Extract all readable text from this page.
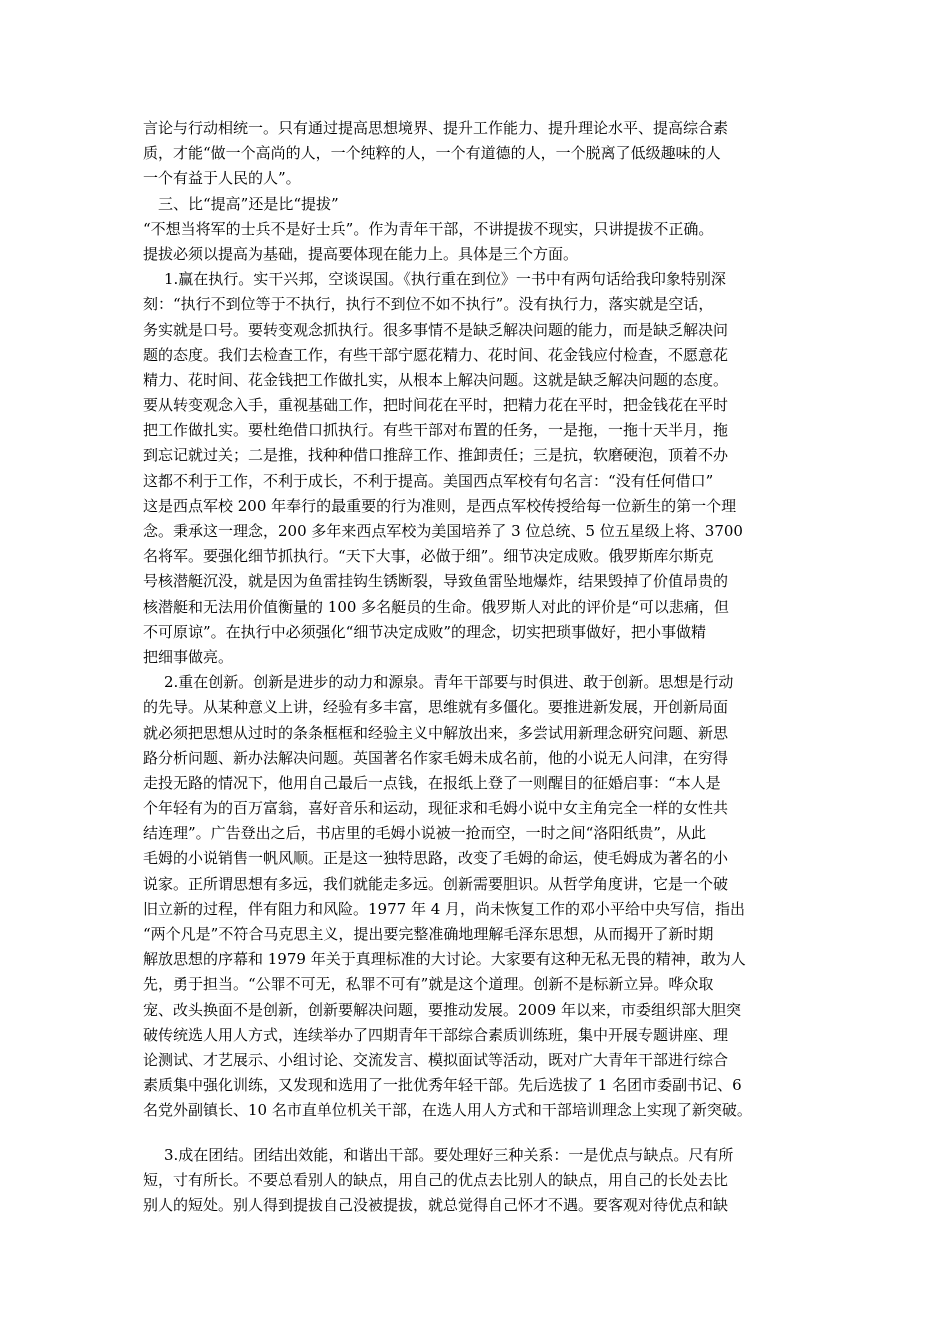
言论与行动相统一。只有通过提高思想境界、提升工作能力、提升理论水平、提高综合素
质，才能“做一个高尚的人，一个纯粹的人，一个有道德的人，一个脱离了低级趣味的人
一个有益于人民的人”。
三、比“提高”还是比“提拔”
“不想当将军的士兵不是好士兵”。作为青年干部，不讲提拔不现实，只讲提拔不正确。
提拔必须以提高为基础，提高要体现在能力上。具体是三个方面。
1.赢在执行。实干兴邦，空谈误国。《执行重在到位》一书中有两句话给我印象特别深
刻：“执行不到位等于不执行，执行不到位不如不执行”。没有执行力，落实就是空话，
务实就是口号。要转变观念抓执行。很多事情不是缺乏解决问题的能力，而是缺乏解决问
题的态度。我们去检查工作，有些干部宁愿花精力、花时间、花金钱应付检查，不愿意花
精力、花时间、花金钱把工作做扎实，从根本上解决问题。这就是缺乏解决问题的态度。
要从转变观念入手，重视基础工作，把时间花在平时，把精力花在平时，把金钱花在平时
把工作做扎实。要杜绝借口抓执行。有些干部对布置的任务，一是拖，一拖十天半月，拖
到忘记就过关；二是推，找种种借口推辞工作、推卸责任；三是抗，软磨硬泡，顶着不办
这都不利于工作，不利于成长，不利于提高。美国西点军校有句名言：“没有任何借口”
这是西点军校 200 年奉行的最重要的行为准则，是西点军校传授给每一位新生的第一个理
念。秉承这一理念，200 多年来西点军校为美国培养了 3 位总统、5 位五星级上将、3700
名将军。要强化细节抓执行。“天下大事，必做于细”。细节决定成败。俄罗斯库尔斯克
号核潜艇沉没，就是因为鱼雷挂钩生锈断裂，导致鱼雷坠地爆炸，结果毁掉了价值昂贵的
核潜艇和无法用价值衡量的 100 多名艇员的生命。俄罗斯人对此的评价是“可以悲痛，但
不可原谅”。在执行中必须强化“细节决定成败”的理念，切实把琐事做好，把小事做精
把细事做亮。
2.重在创新。创新是进步的动力和源泉。青年干部要与时俱进、敢于创新。思想是行动
的先导。从某种意义上讲，经验有多丰富，思维就有多僵化。要推进新发展，开创新局面
就必须把思想从过时的条条框框和经验主义中解放出来，多尝试用新理念研究问题、新思
路分析问题、新办法解决问题。英国著名作家毛姆未成名前，他的小说无人问津，在穷得
走投无路的情况下，他用自己最后一点钱，在报纸上登了一则醒目的征婚启事：“本人是
个年轻有为的百万富翁，喜好音乐和运动，现征求和毛姆小说中女主角完全一样的女性共
结连理”。广告登出之后，书店里的毛姆小说被一抢而空，一时之间“洛阳纸贵”，从此
毛姆的小说销售一帆风顺。正是这一独特思路，改变了毛姆的命运，使毛姆成为著名的小
说家。正所谓思想有多远，我们就能走多远。创新需要胆识。从哲学角度讲，它是一个破
旧立新的过程，伴有阻力和风险。1977 年 4 月，尚未恢复工作的邓小平给中央写信，指出
“两个凡是”不符合马克思主义，提出要完整准确地理解毛泽东思想，从而揭开了新时期
解放思想的序幕和 1979 年关于真理标准的大讨论。大家要有这种无私无畏的精神，敢为人
先，勇于担当。“公罪不可无，私罪不可有”就是这个道理。创新不是标新立异。哗众取
宠、改头换面不是创新，创新要解决问题，要推动发展。2009 年以来，市委组织部大胆突
破传统选人用人方式，连续举办了四期青年干部综合素质训练班，集中开展专题讲座、理
论测试、才艺展示、小组讨论、交流发言、模拟面试等活动，既对广大青年干部进行综合
素质集中强化训练，又发现和选用了一批优秀年轻干部。先后选拔了 1 名团市委副书记、6
名党外副镇长、10 名市直单位机关干部，在选人用人方式和干部培训理念上实现了新突破。
3.成在团结。团结出效能，和谐出干部。要处理好三种关系：一是优点与缺点。尺有所
短，寸有所长。不要总看别人的缺点，用自己的优点去比别人的缺点，用自己的长处去比
别人的短处。别人得到提拔自己没被提拔，就总觉得自己怀才不遇。要客观对待优点和缺
